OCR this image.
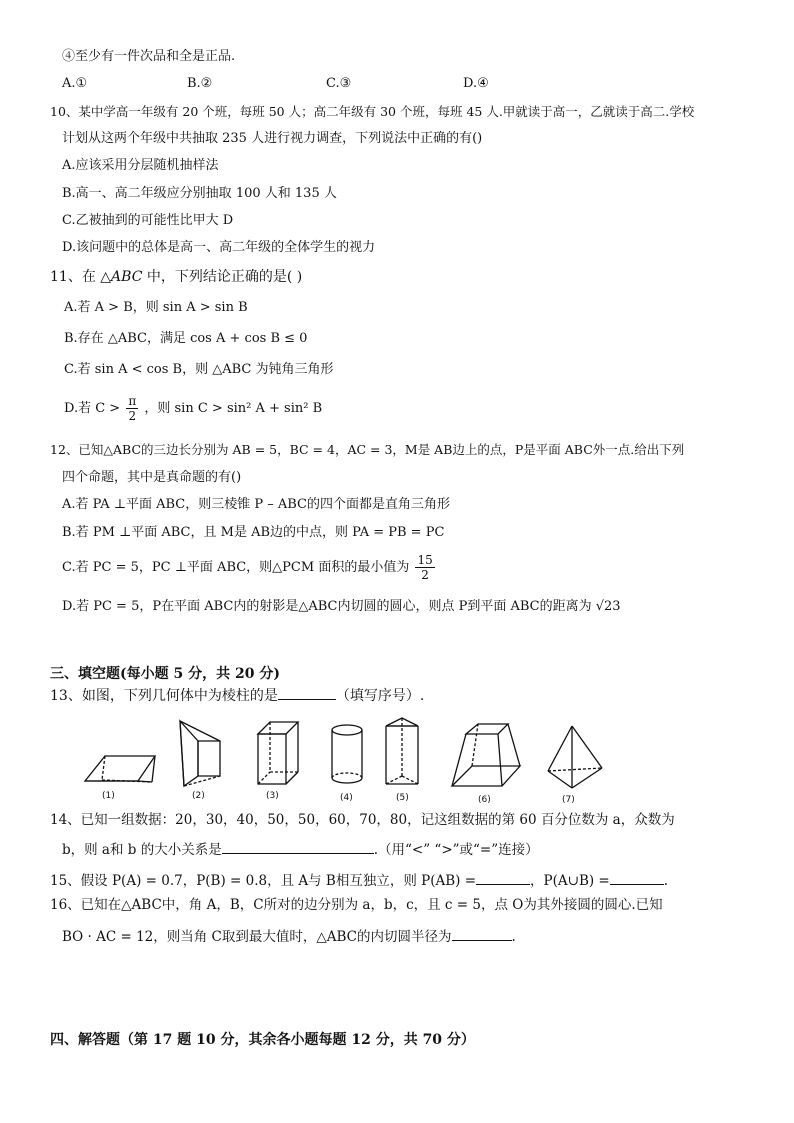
④至少有一件次品和全是正品.
A.①	B.②	C.③	D.④
10、某中学高一年级有 20 个班，每班 50 人；高二年级有 30 个班，每班 45 人.甲就读于高一，乙就读于高二.学校
计划从这两个年级中共抽取 235 人进行视力调查，下列说法中正确的有()
A.应该采用分层随机抽样法
B.高一、高二年级应分别抽取 100 人和 135 人
C.乙被抽到的可能性比甲大 D
D.该问题中的总体是高一、高二年级的全体学生的视力
11、在 △ABC 中，下列结论正确的是( )
A.若 A > B，则 sin A > sin B
B.存在 △ABC，满足 cos A + cos B ≤ 0
C.若 sin A < cos B，则 △ABC 为钝角三角形
D.若 $C > \frac{\pi}{2}$ ，则 sin C > sin² A + sin² B
12、已知△ABC的三边长分别为 AB = 5，BC = 4，AC = 3，M是 AB边上的点，P是平面 ABC外一点.给出下列
四个命题，其中是真命题的有()
A.若 PA ⊥平面 ABC，则三棱锥 P – ABC的四个面都是直角三角形
B.若 PM ⊥平面 ABC，且 M是 AB边的中点，则 PA = PB = PC
C.若 PC = 5，PC ⊥平面 ABC，则△PCM 面积的最小值为 $\frac{15}{2}$
D.若 PC = 5，P在平面 ABC内的射影是△ABC内切圆的圆心，则点 P到平面 ABC的距离为 √23
三、填空题(每小题 5 分，共 20 分)
13、如图，下列几何体中为棱柱的是	（填写序号）.
(1)	(2)	(3)	(4)	(5)	(6)	(7)
14、已知一组数据：20，30，40，50，50，60，70，80，记这组数据的第 60 百分位数为 a，众数为
b，则 a和 b 的大小关系是	.（用“<” “>”或“=”连接）
15、假设 P(A) = 0.7，P(B) = 0.8，且 A与 B相互独立，则 P(AB) =	，P(A∪B) =	.
16、已知在△ABC中，角 A，B，C所对的边分别为 a，b，c，且 c = 5，点 O为其外接圆的圆心.已知
BO · AC = 12，则当角 C取到最大值时，△ABC的内切圆半径为	.
四、解答题（第 17 题 10 分，其余各小题每题 12 分，共 70 分）
